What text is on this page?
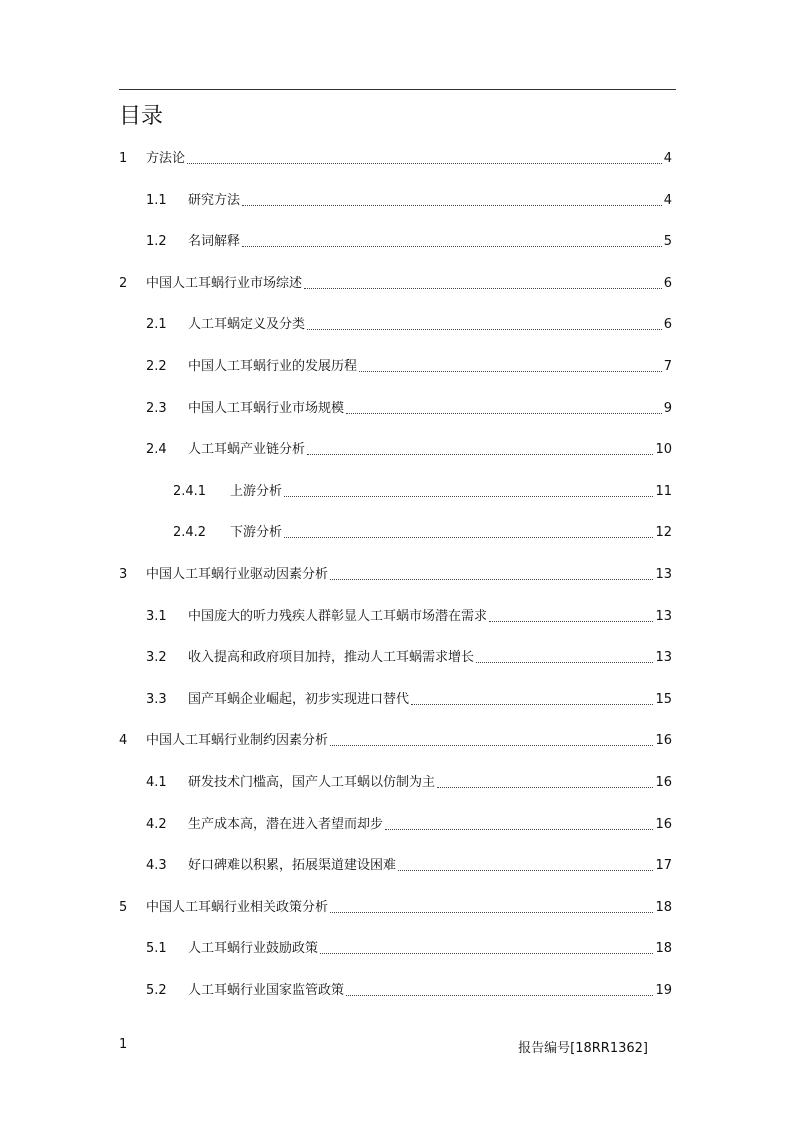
目录
1	方法论	4
1.1	研究方法	4
1.2	名词解释	5
2	中国人工耳蜗行业市场综述	6
2.1	人工耳蜗定义及分类	6
2.2	中国人工耳蜗行业的发展历程	7
2.3	中国人工耳蜗行业市场规模	9
2.4	人工耳蜗产业链分析	10
2.4.1	上游分析	11
2.4.2	下游分析	12
3	中国人工耳蜗行业驱动因素分析	13
3.1	中国庞大的听力残疾人群彰显人工耳蜗市场潜在需求	13
3.2	收入提高和政府项目加持，推动人工耳蜗需求增长	13
3.3	国产耳蜗企业崛起，初步实现进口替代	15
4	中国人工耳蜗行业制约因素分析	16
4.1	研发技术门槛高，国产人工耳蜗以仿制为主	16
4.2	生产成本高，潜在进入者望而却步	16
4.3	好口碑难以积累，拓展渠道建设困难	17
5	中国人工耳蜗行业相关政策分析	18
5.1	人工耳蜗行业鼓励政策	18
5.2	人工耳蜗行业国家监管政策	19
1	报告编号[18RR1362]
